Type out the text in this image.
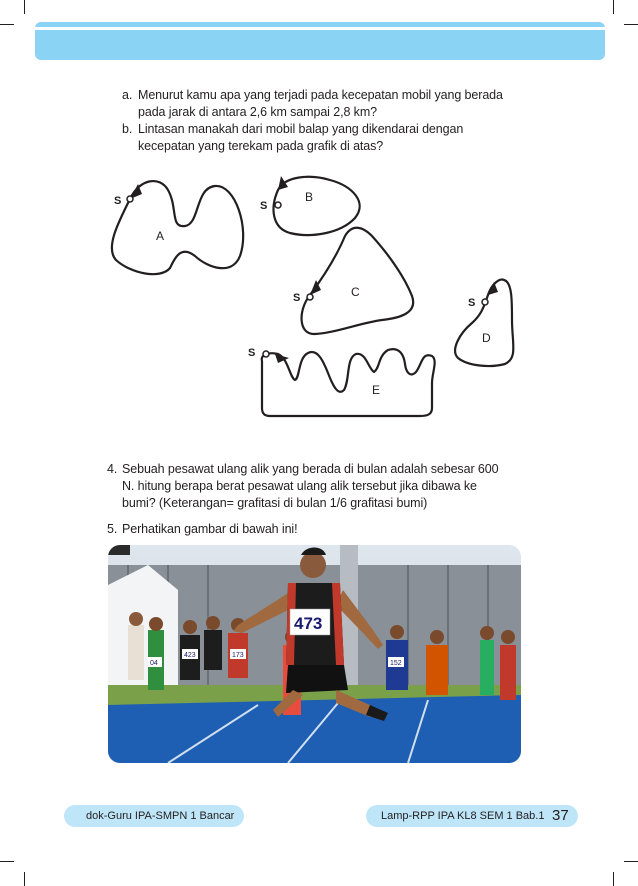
a. Menurut kamu apa yang terjadi pada kecepatan mobil yang berada
pada jarak di antara 2,6 km sampai 2,8 km?
b. Lintasan manakah dari mobil balap yang dikendarai dengan
kecepatan yang terekam pada grafik di atas?
S	S
S	S
S
A
B
C
D
E
4. Sebuah pesawat ulang alik yang berada di bulan adalah sebesar 600
N. hitung berapa berat pesawat ulang alik tersebut jika dibawa ke
bumi? (Keterangan= grafitasi di bulan 1/6 grafitasi bumi)
5. Perhatikan gambar di bawah ini!
423	173
152
04
473
dok-Guru IPA-SMPN 1 Bancar	Lamp-RPP IPA KL8 SEM 1 Bab.1 37
